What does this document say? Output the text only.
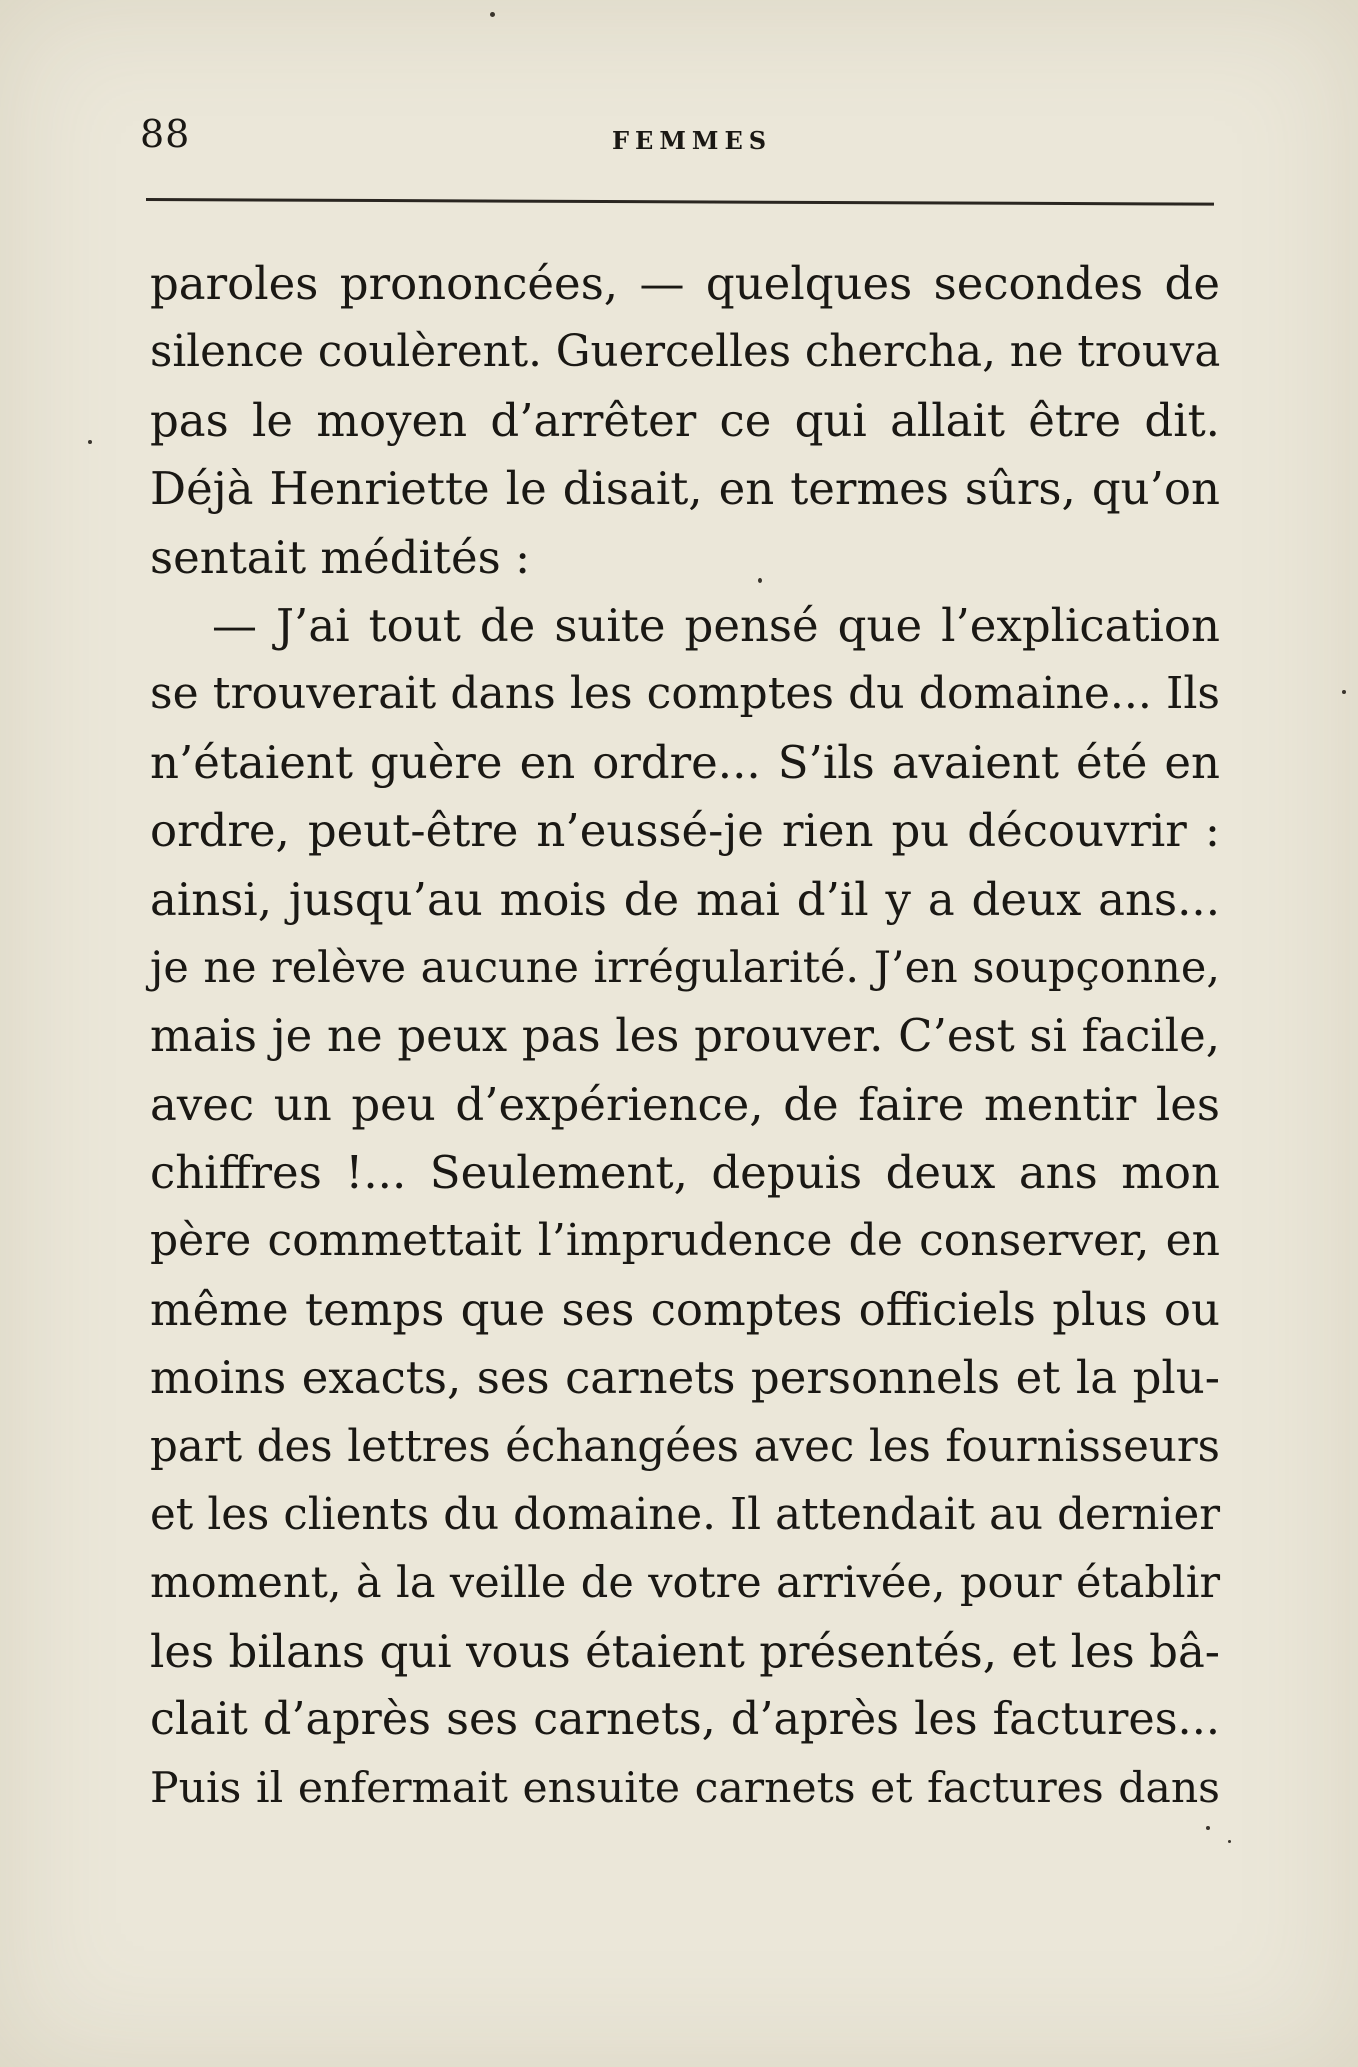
88	FEMMES
paroles prononcées, — quelques secondes de
silence coulèrent. Guercelles chercha, ne trouva
pas le moyen d’arrêter ce qui allait être dit.
Déjà Henriette le disait, en termes sûrs, qu’on
sentait médités :
— J’ai tout de suite pensé que l’explication
se trouverait dans les comptes du domaine... Ils
n’étaient guère en ordre... S’ils avaient été en
ordre, peut-être n’eussé-je rien pu découvrir :
ainsi, jusqu’au mois de mai d’il y a deux ans...
je ne relève aucune irrégularité. J’en soupçonne,
mais je ne peux pas les prouver. C’est si facile,
avec un peu d’expérience, de faire mentir les
chiffres !... Seulement, depuis deux ans mon
père commettait l’imprudence de conserver, en
même temps que ses comptes officiels plus ou
moins exacts, ses carnets personnels et la plu-
part des lettres échangées avec les fournisseurs
et les clients du domaine. Il attendait au dernier
moment, à la veille de votre arrivée, pour établir
les bilans qui vous étaient présentés, et les bâ-
clait d’après ses carnets, d’après les factures...
Puis il enfermait ensuite carnets et factures dans
